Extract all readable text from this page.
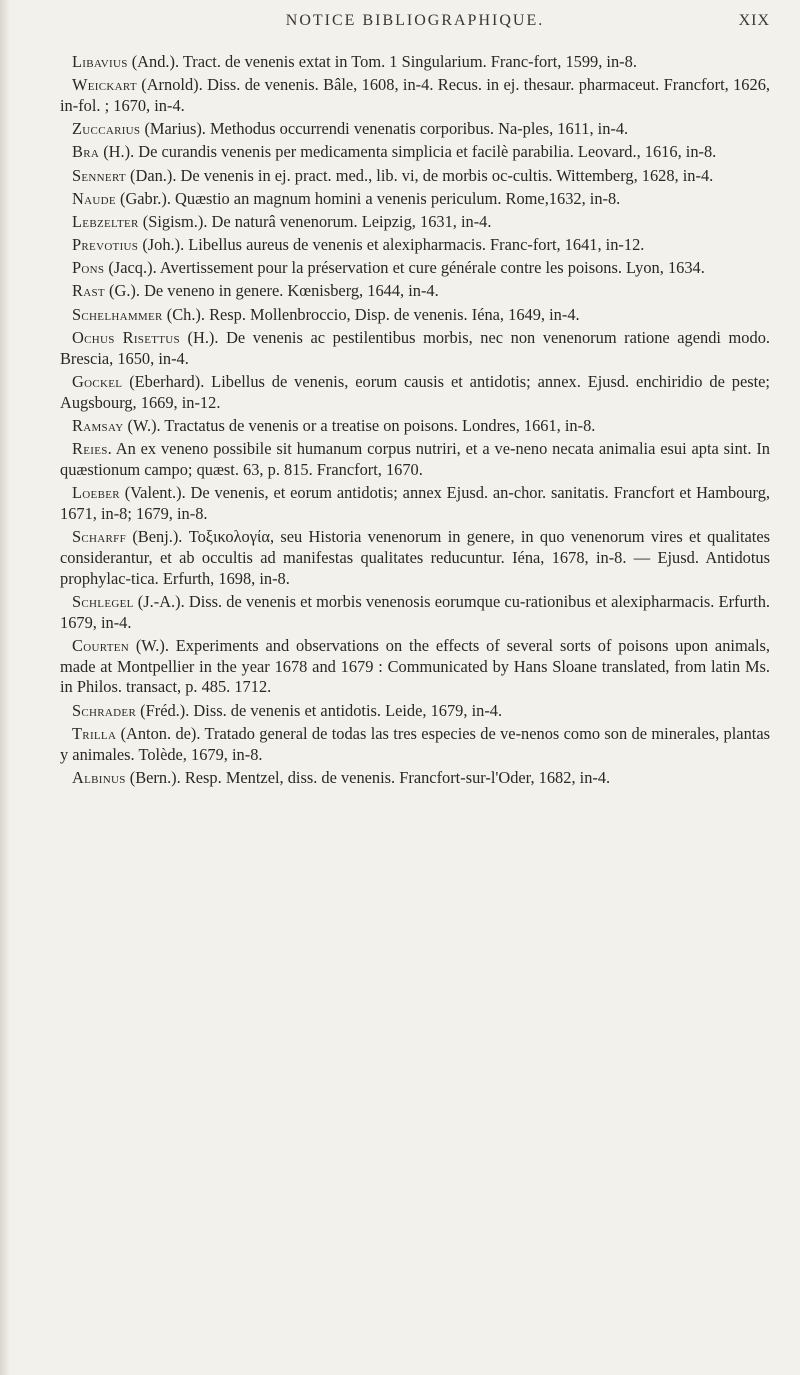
NOTICE BIBLIOGRAPHIQUE.	XIX

Libavius (And.). Tract. de venenis extat in Tom. 1 Singularium. Franc-fort, 1599, in-8.

Weickart (Arnold). Diss. de venenis. Bâle, 1608, in-4. Recus. in ej. thesaur. pharmaceut. Francfort, 1626, in-fol. ; 1670, in-4.

Zuccarius (Marius). Methodus occurrendi venenatis corporibus. Na-ples, 1611, in-4.

Bra (H.). De curandis venenis per medicamenta simplicia et facilè parabilia. Leovard., 1616, in-8.

Sennert (Dan.). De venenis in ej. pract. med., lib. vi, de morbis oc-cultis. Wittemberg, 1628, in-4.

Naude (Gabr.). Quæstio an magnum homini a venenis periculum. Rome,1632, in-8.

Lebzelter (Sigism.). De naturâ venenorum. Leipzig, 1631, in-4.

Prevotius (Joh.). Libellus aureus de venenis et alexipharmacis. Franc-fort, 1641, in-12.

Pons (Jacq.). Avertissement pour la préservation et cure générale contre les poisons. Lyon, 1634.

Rast (G.). De veneno in genere. Kœnisberg, 1644, in-4.

Schelhammer (Ch.). Resp. Mollenbroccio, Disp. de venenis. Iéna, 1649, in-4.

Ochus Risettus (H.). De venenis ac pestilentibus morbis, nec non venenorum ratione agendi modo. Brescia, 1650, in-4.

Gockel (Eberhard). Libellus de venenis, eorum causis et antidotis; annex. Ejusd. enchiridio de peste; Augsbourg, 1669, in-12.

Ramsay (W.). Tractatus de venenis or a treatise on poisons. Londres, 1661, in-8.

Reies. An ex veneno possibile sit humanum corpus nutriri, et a ve-neno necata animalia esui apta sint. In quæstionum campo; quæst. 63, p. 815. Francfort, 1670.

Loeber (Valent.). De venenis, et eorum antidotis; annex Ejusd. an-chor. sanitatis. Francfort et Hambourg, 1671, in-8; 1679, in-8.

Scharff (Benj.). Τοξικολογία, seu Historia venenorum in genere, in quo venenorum vires et qualitates considerantur, et ab occultis ad manifestas qualitates reducuntur. Iéna, 1678, in-8. — Ejusd. Antidotus prophylac-tica. Erfurth, 1698, in-8.

Schlegel (J.-A.). Diss. de venenis et morbis venenosis eorumque cu-rationibus et alexipharmacis. Erfurth. 1679, in-4.

Courten (W.). Experiments and observations on the effects of several sorts of poisons upon animals, made at Montpellier in the year 1678 and 1679 : Communicated by Hans Sloane translated, from latin Ms. in Philos. transact, p. 485. 1712.

Schrader (Fréd.). Diss. de venenis et antidotis. Leide, 1679, in-4.

Trilla (Anton. de). Tratado general de todas las tres especies de ve-nenos como son de minerales, plantas y animales. Tolède, 1679, in-8.

Albinus (Bern.). Resp. Mentzel, diss. de venenis. Francfort-sur-l'Oder, 1682, in-4.
